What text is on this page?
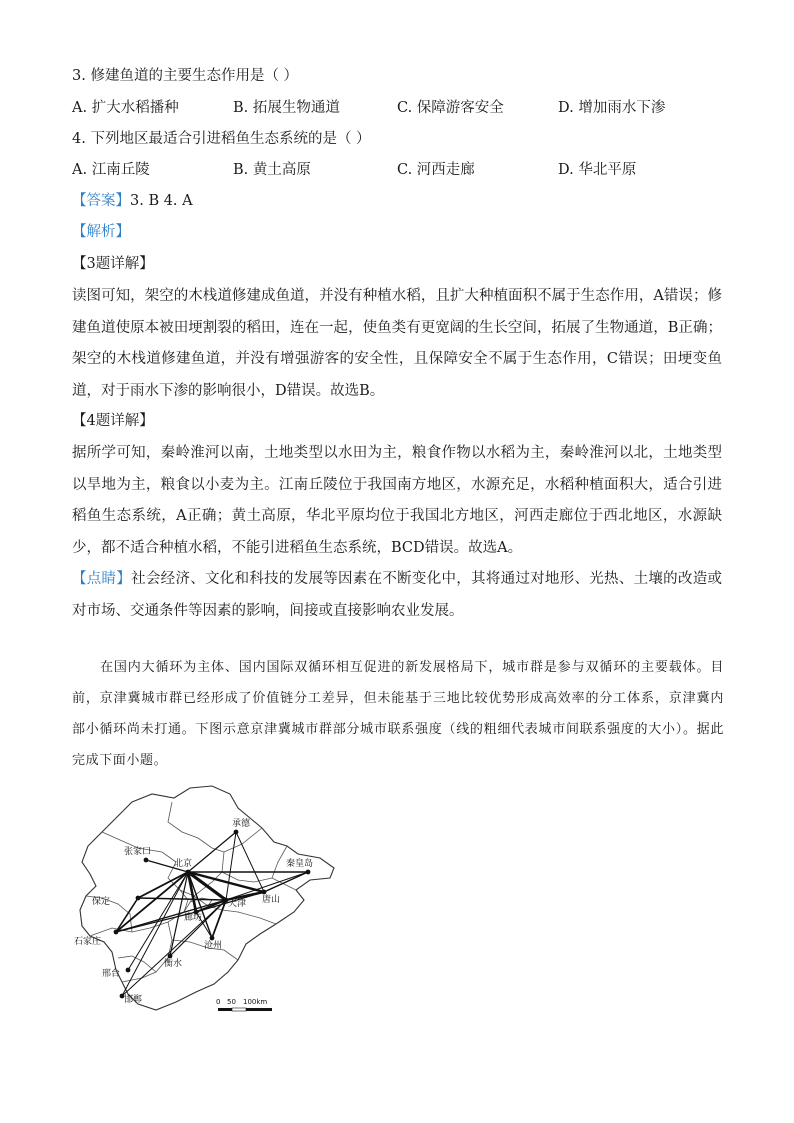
3. 修建鱼道的主要生态作用是（ ）
A. 扩大水稻播种	B. 拓展生物通道	C. 保障游客安全	D. 增加雨水下渗
4. 下列地区最适合引进稻鱼生态系统的是（ ）
A. 江南丘陵	B. 黄土高原	C. 河西走廊	D. 华北平原
【答案】3. B 4. A
【解析】
【3题详解】
读图可知，架空的木栈道修建成鱼道，并没有种植水稻，且扩大种植面积不属于生态作用，A错误；修建鱼道使原本被田埂割裂的稻田，连在一起，使鱼类有更宽阔的生长空间，拓展了生物通道，B正确；架空的木栈道修建鱼道，并没有增强游客的安全性，且保障安全不属于生态作用，C错误；田埂变鱼道，对于雨水下渗的影响很小，D错误。故选B。
【4题详解】
据所学可知，秦岭淮河以南，土地类型以水田为主，粮食作物以水稻为主，秦岭淮河以北，土地类型以旱地为主，粮食以小麦为主。江南丘陵位于我国南方地区，水源充足，水稻种植面积大，适合引进稻鱼生态系统，A正确；黄土高原，华北平原均位于我国北方地区，河西走廊位于西北地区，水源缺少，都不适合种植水稻，不能引进稻鱼生态系统，BCD错误。故选A。
【点睛】社会经济、文化和科技的发展等因素在不断变化中，其将通过对地形、光热、土壤的改造或对市场、交通条件等因素的影响，间接或直接影响农业发展。
在国内大循环为主体、国内国际双循环相互促进的新发展格局下，城市群是参与双循环的主要载体。目前，京津冀城市群已经形成了价值链分工差异，但未能基于三地比较优势形成高效率的分工体系，京津冀内部小循环尚未打通。下图示意京津冀城市群部分城市联系强度（线的粗细代表城市间联系强度的大小）。据此完成下面小题。
承德
张家口
北京	秦皇岛
唐山
天津
保定
廊坊
石家庄	沧州
衡水
邢台
邯郸	0 50 100km
